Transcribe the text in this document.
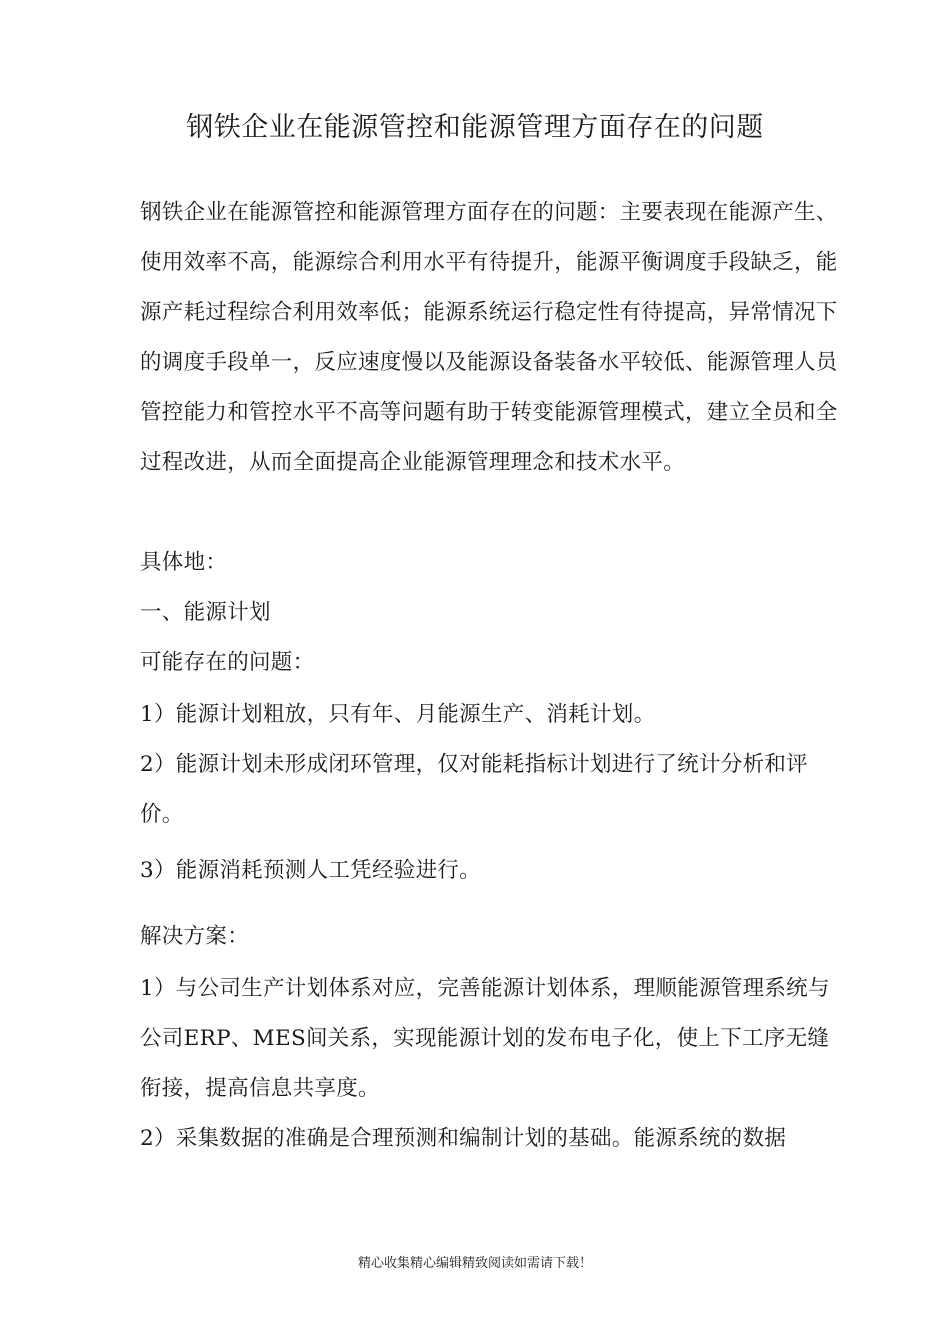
钢铁企业在能源管控和能源管理方面存在的问题

钢铁企业在能源管控和能源管理方面存在的问题：主要表现在能源产生、使用效率不高，能源综合利用水平有待提升，能源平衡调度手段缺乏，能源产耗过程综合利用效率低；能源系统运行稳定性有待提高，异常情况下的调度手段单一，反应速度慢以及能源设备装备水平较低、能源管理人员管控能力和管控水平不高等问题有助于转变能源管理模式，建立全员和全过程改进，从而全面提高企业能源管理理念和技术水平。

具体地：

一、能源计划

可能存在的问题：

1）能源计划粗放，只有年、月能源生产、消耗计划。

2）能源计划未形成闭环管理，仅对能耗指标计划进行了统计分析和评价。

3）能源消耗预测人工凭经验进行。

解决方案：

1）与公司生产计划体系对应，完善能源计划体系，理顺能源管理系统与公司ERP、MES间关系，实现能源计划的发布电子化，使上下工序无缝衔接，提高信息共享度。

2）采集数据的准确是合理预测和编制计划的基础。能源系统的数据

精心收集精心编辑精致阅读如需请下载！
